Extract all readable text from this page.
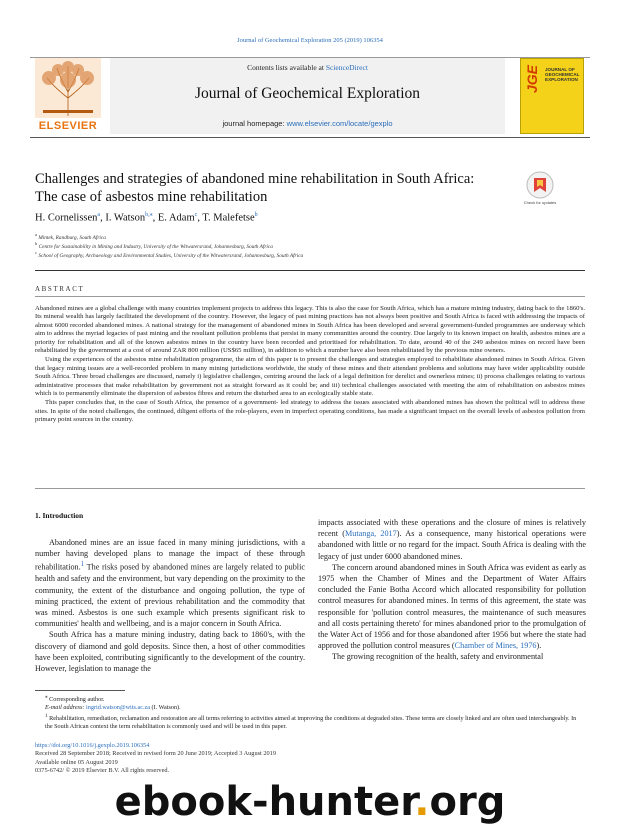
Journal of Geochemical Exploration 205 (2019) 106354
ELSEVIER
Contents lists available at ScienceDirect
Journal of Geochemical Exploration
journal homepage: www.elsevier.com/locate/gexplo
JGE	JOURNAL OF GEOCHEMICAL EXPLORATION
Challenges and strategies of abandoned mine rehabilitation in South Africa: The case of asbestos mine rehabilitation	Check for updates
H. Cornelissen$^a$, I. Watson$^{b,⁎}$, E. Adam$^c$, T. Malefetse$^b$
$^a$ Mintek, Randburg, South Africa
$^b$ Centre for Sustainability in Mining and Industry, University of the Witwatersrand, Johannesburg, South Africa
$^c$ School of Geography, Archaeology and Environmental Studies, University of the Witwatersrand, Johannesburg, South Africa
ABSTRACT

Abandoned mines are a global challenge with many countries implement projects to address this legacy. This is also the case for South Africa, which has a mature mining industry, dating back to the 1860's. Its mineral wealth has largely facilitated the development of the country. However, the legacy of past mining practices has not always been positive and South Africa is faced with addressing the impacts of almost 6000 recorded abandoned mines. A national strategy for the management of abandoned mines in South Africa has been developed and several government-funded programmes are underway which aim to address the myriad legacies of past mining and the resultant pollution problems that persist in many communities around the country. Due largely to its known impact on health, asbestos mines are a priority for rehabilitation and all of the known asbestos mines in the country have been recorded and prioritised for rehabilitation. To date, around 40 of the 249 asbestos mines on record have been rehabilitated by the government at a cost of around ZAR 800 million (US$65 million), in addition to which a number have also been rehabilitated by the previous mine owners.

Using the experiences of the asbestos mine rehabilitation programme, the aim of this paper is to present the challenges and strategies employed to rehabilitate abandoned mines in South Africa. Given that legacy mining issues are a well-recorded problem in many mining jurisdictions worldwide, the study of these mines and their attendant problems and solutions may have wider applicability outside South Africa. Three broad challenges are discussed, namely i) legislative challenges, centring around the lack of a legal definition for derelict and ownerless mines; ii) process challenges relating to various administrative processes that make rehabilitation by government not as straight forward as it could be; and iii) technical challenges associated with meeting the aim of rehabilitation on asbestos mines which is to permanently eliminate the dispersion of asbestos fibres and return the disturbed area to an ecologically stable state.

This paper concludes that, in the case of South Africa, the presence of a government- led strategy to address the issues associated with abandoned mines has shown the political will to address these sites. In spite of the noted challenges, the continued, diligent efforts of the role-players, even in imperfect operating conditions, has made a significant impact on the overall levels of asbestos pollution from primary point sources in the country.

1. Introduction

Abandoned mines are an issue faced in many mining jurisdictions, with a number having developed plans to manage the impact of these through rehabilitation.$^1$ The risks posed by abandoned mines are largely related to public health and safety and the environment, but vary depending on the proximity to the community, the extent of the disturbance and ongoing pollution, the type of mining practiced, the extent of previous rehabilitation and the commodity that was mined. Asbestos is one such example which presents significant risk to communities' health and wellbeing, and is a major concern in South Africa.

South Africa has a mature mining industry, dating back to 1860's, with the discovery of diamond and gold deposits. Since then, a host of other commodities have been exploited, contributing significantly to the development of the country. However, legislation to manage the

impacts associated with these operations and the closure of mines is relatively recent (Mutanga, 2017). As a consequence, many historical operations were abandoned with little or no regard for the impact. South Africa is dealing with the legacy of just under 6000 abandoned mines.

The concern around abandoned mines in South Africa was evident as early as 1975 when the Chamber of Mines and the Department of Water Affairs concluded the Fanie Botha Accord which allocated responsibility for pollution control measures for abandoned mines. In terms of this agreement, the state was responsible for 'pollution control measures, the maintenance of such measures and all costs pertaining thereto' for mines abandoned prior to the promulgation of the Water Act of 1956 and for those abandoned after 1956 but where the state had approved the pollution control measures (Chamber of Mines, 1976).

The growing recognition of the health, safety and environmental

⁎ Corresponding author.

E-mail address: ingrid.watson@wits.ac.za (I. Watson).

$^1$ Rehabilitation, remediation, reclamation and restoration are all terms referring to activities aimed at improving the conditions at degraded sites. These terms are closely linked and are often used interchangeably. In the South African context the term rehabilitation is commonly used and will be used in this paper.

https://doi.org/10.1016/j.gexplo.2019.106354
Received 28 September 2018; Received in revised form 20 June 2019; Accepted 3 August 2019
Available online 05 August 2019
0375-6742/ © 2019 Elsevier B.V. All rights reserved.
ebook-hunter.org
